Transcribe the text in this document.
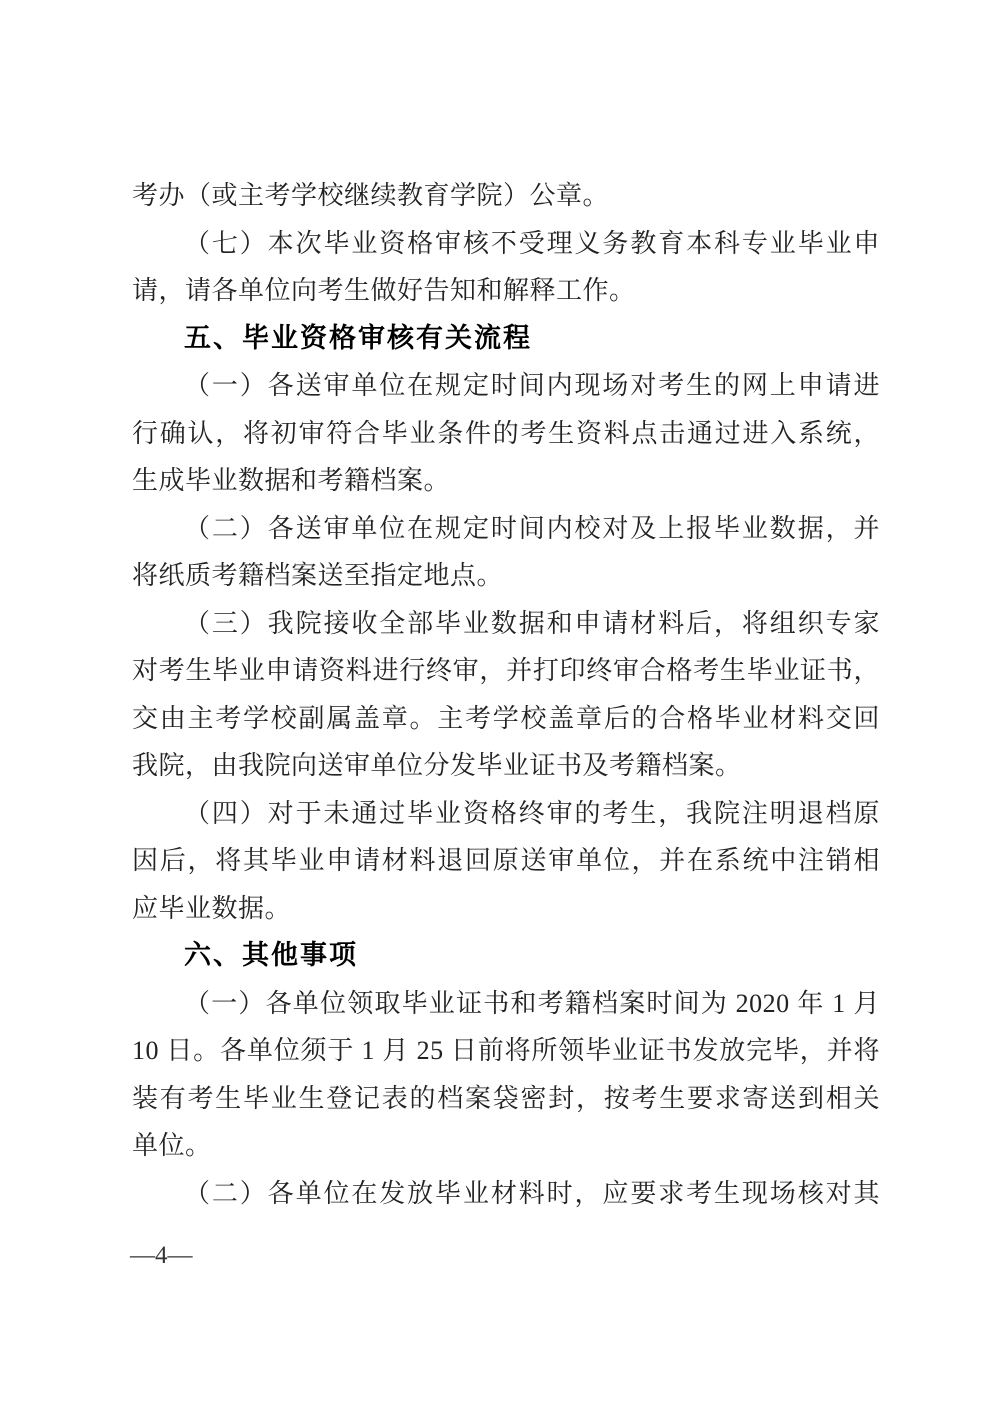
考办（或主考学校继续教育学院）公章。
（七）本次毕业资格审核不受理义务教育本科专业毕业申
请，请各单位向考生做好告知和解释工作。
五、毕业资格审核有关流程
（一）各送审单位在规定时间内现场对考生的网上申请进
行确认，将初审符合毕业条件的考生资料点击通过进入系统，
生成毕业数据和考籍档案。
（二）各送审单位在规定时间内校对及上报毕业数据，并
将纸质考籍档案送至指定地点。
（三）我院接收全部毕业数据和申请材料后，将组织专家
对考生毕业申请资料进行终审，并打印终审合格考生毕业证书，
交由主考学校副属盖章。主考学校盖章后的合格毕业材料交回
我院，由我院向送审单位分发毕业证书及考籍档案。
（四）对于未通过毕业资格终审的考生，我院注明退档原
因后，将其毕业申请材料退回原送审单位，并在系统中注销相
应毕业数据。
六、其他事项
（一）各单位领取毕业证书和考籍档案时间为 2020 年 1 月
10 日。各单位须于 1 月 25 日前将所领毕业证书发放完毕，并将
装有考生毕业生登记表的档案袋密封，按考生要求寄送到相关
单位。
（二）各单位在发放毕业材料时，应要求考生现场核对其
—4—
